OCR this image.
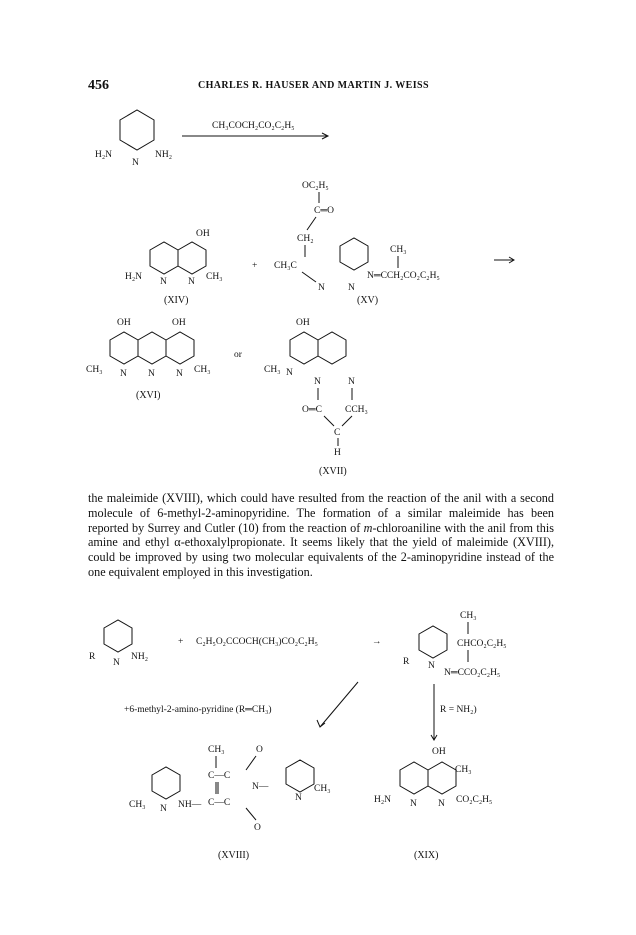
456	CHARLES R. HAUSER AND MARTIN J. WEISS
H₂N	NH₂
N
CH₃COCH₂CO₂C₂H₅
OH
H₂N N N CH₃
(XIV)
+
OC₂H₅
C═O
CH₂
CH₃C
N N
N═CCH₂CO₂C₂H₅
CH₃
(XV)
OH	OH
CH₃ N N N CH₃
(XVI)
or
OH
CH₃ N
N	N
O═C CCH₃
C
H
(XVII)

the maleimide (XVIII), which could have resulted from the reaction of the anil with a second molecule of 6-methyl-2-aminopyridine. The formation of a similar maleimide has been reported by Surrey and Cutler (10) from the reaction of m-chloroaniline with the anil from this amine and ethyl α-ethoxalylpropionate. It seems likely that the yield of maleimide (XVIII), could be improved by using two molecular equivalents of the 2-aminopyridine instead of the one equivalent employed in this investigation.

R
N
NH₂
+ C₂H₅O₂CCOCH(CH₃)CO₂C₂H₅	→
CH₃
CHCO₂C₂H₅
R N
N═CCO₂C₂H₅
+6-methyl-2-amino-pyridine (R═CH₃)	R = NH₂)
CH₃	O
C—C
N—
C—C
O
CH₃ N NH—
N
CH₃
(XVIII)
OH
CH₃
H₂N N N CO₂C₂H₅
(XIX)
